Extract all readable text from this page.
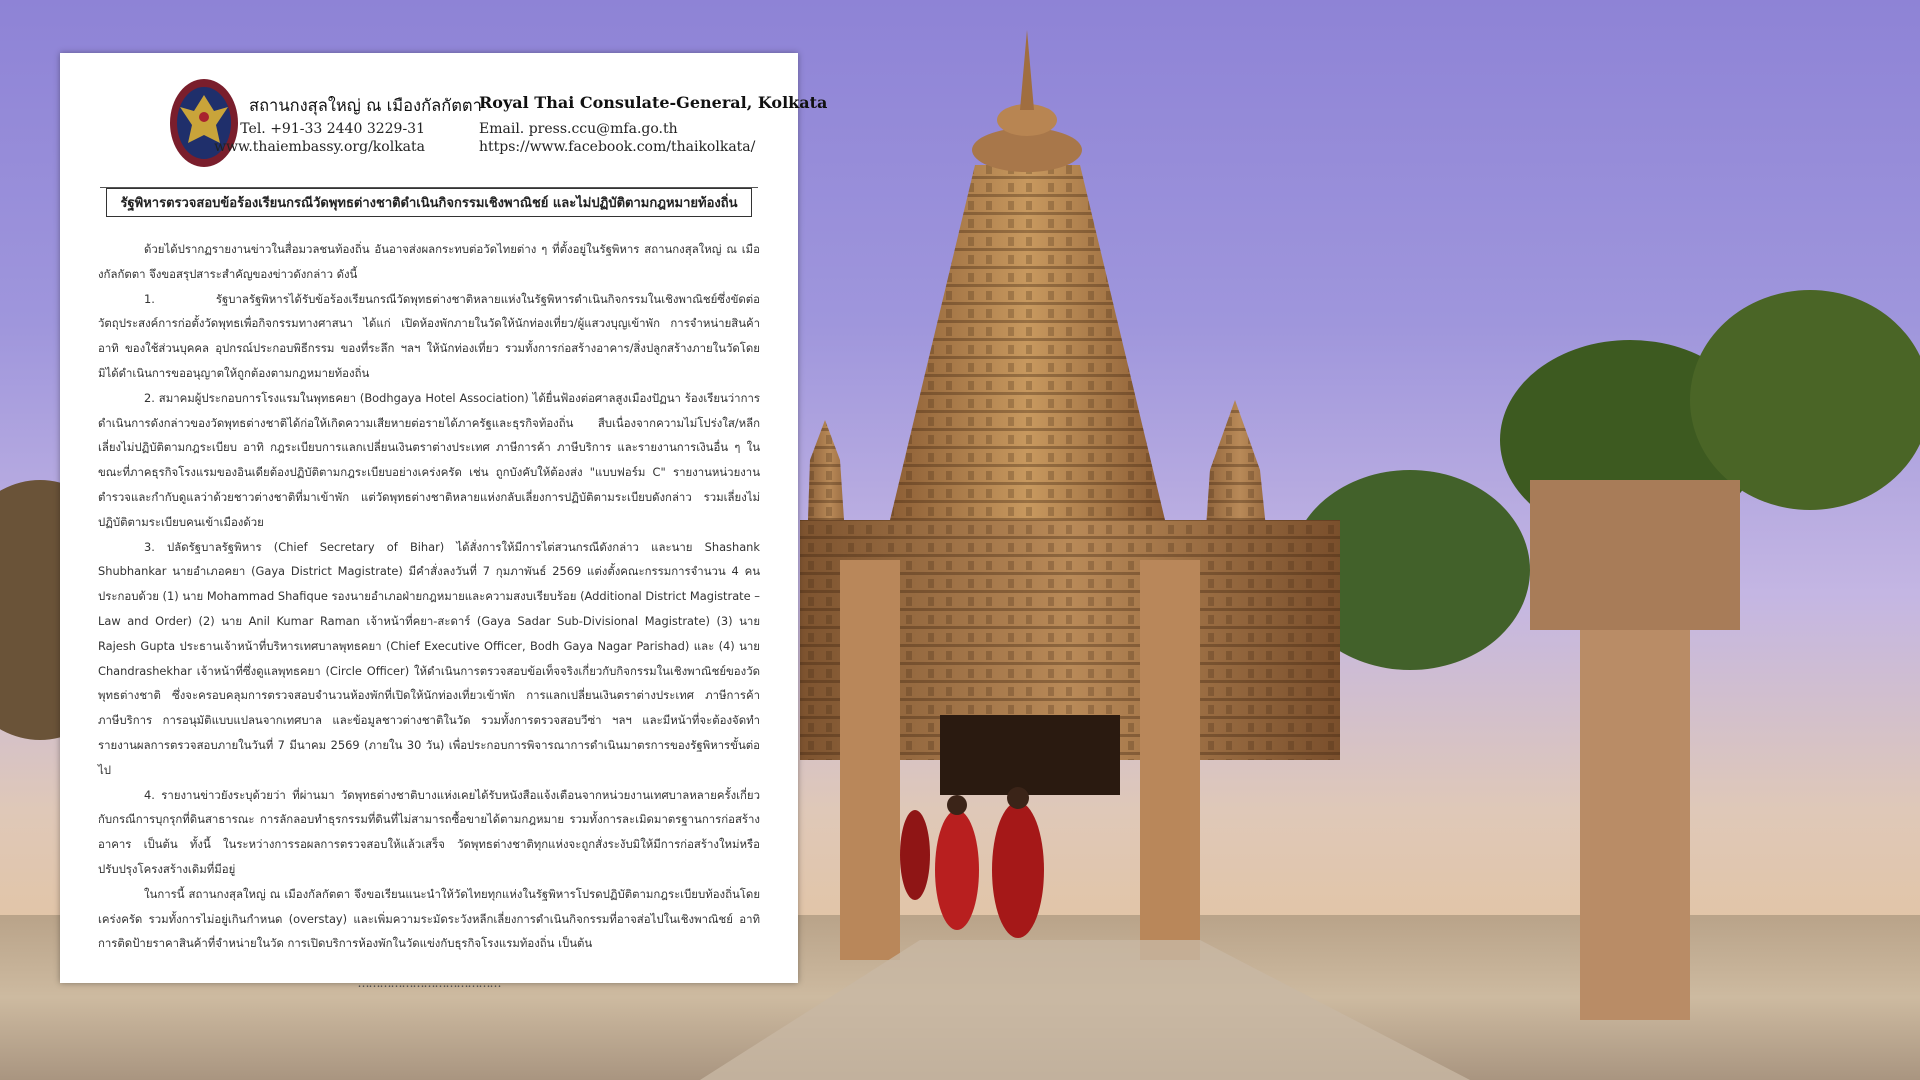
สถานกงสุลใหญ่ ณ เมืองกัลกัตตา
Royal Thai Consulate-General, Kolkata
Tel. +91-33 2440 3229-31
www.thaiembassy.org/kolkata
Email. press.ccu@mfa.go.th
https://www.facebook.com/thaikolkata/
รัฐพิหารตรวจสอบข้อร้องเรียนกรณีวัดพุทธต่างชาติดำเนินกิจกรรมเชิงพาณิชย์ และไม่ปฏิบัติตามกฎหมายท้องถิ่น

ด้วยได้ปรากฏรายงานข่าวในสื่อมวลชนท้องถิ่น อันอาจส่งผลกระทบต่อวัดไทยต่าง ๆ ที่ตั้งอยู่ในรัฐพิหาร สถานกงสุลใหญ่ ณ เมืองกัลกัตตา จึงขอสรุปสาระสำคัญของข่าวดังกล่าว ดังนี้

1. รัฐบาลรัฐพิหารได้รับข้อร้องเรียนกรณีวัดพุทธต่างชาติหลายแห่งในรัฐพิหารดำเนินกิจกรรมในเชิงพาณิชย์ซึ่งขัดต่อวัตถุประสงค์การก่อตั้งวัดพุทธเพื่อกิจกรรมทางศาสนา ได้แก่ เปิดห้องพักภายในวัดให้นักท่องเที่ยว/ผู้แสวงบุญเข้าพัก การจำหน่ายสินค้า อาทิ ของใช้ส่วนบุคคล อุปกรณ์ประกอบพิธีกรรม ของที่ระลึก ฯลฯ ให้นักท่องเที่ยว รวมทั้งการก่อสร้างอาคาร/สิ่งปลูกสร้างภายในวัดโดยมิได้ดำเนินการขออนุญาตให้ถูกต้องตามกฎหมายท้องถิ่น

2. สมาคมผู้ประกอบการโรงแรมในพุทธคยา (Bodhgaya Hotel Association) ได้ยื่นฟ้องต่อศาลสูงเมืองปัฏนา ร้องเรียนว่าการดำเนินการดังกล่าวของวัดพุทธต่างชาติได้ก่อให้เกิดความเสียหายต่อรายได้ภาครัฐและธุรกิจท้องถิ่น สืบเนื่องจากความไม่โปร่งใส/หลีกเลี่ยงไม่ปฏิบัติตามกฎระเบียบ อาทิ กฎระเบียบการแลกเปลี่ยนเงินตราต่างประเทศ ภาษีการค้า ภาษีบริการ และรายงานการเงินอื่น ๆ ในขณะที่ภาคธุรกิจโรงแรมของอินเดียต้องปฏิบัติตามกฎระเบียบอย่างเคร่งครัด เช่น ถูกบังคับให้ต้องส่ง "แบบฟอร์ม C" รายงานหน่วยงานตำรวจและกำกับดูแลว่าด้วยชาวต่างชาติที่มาเข้าพัก แต่วัดพุทธต่างชาติหลายแห่งกลับเลี่ยงการปฏิบัติตามระเบียบดังกล่าว รวมเลี่ยงไม่ปฏิบัติตามระเบียบคนเข้าเมืองด้วย

3. ปลัดรัฐบาลรัฐพิหาร (Chief Secretary of Bihar) ได้สั่งการให้มีการไต่สวนกรณีดังกล่าว และนาย Shashank Shubhankar นายอำเภอคยา (Gaya District Magistrate) มีคำสั่งลงวันที่ 7 กุมภาพันธ์ 2569 แต่งตั้งคณะกรรมการจำนวน 4 คน ประกอบด้วย (1) นาย Mohammad Shafique รองนายอำเภอฝ่ายกฎหมายและความสงบเรียบร้อย (Additional District Magistrate – Law and Order) (2) นาย Anil Kumar Raman เจ้าหน้าที่คยา-สะดาร์ (Gaya Sadar Sub-Divisional Magistrate) (3) นาย Rajesh Gupta ประธานเจ้าหน้าที่บริหารเทศบาลพุทธคยา (Chief Executive Officer, Bodh Gaya Nagar Parishad) และ (4) นาย Chandrashekhar เจ้าหน้าที่ซึ่งดูแลพุทธคยา (Circle Officer) ให้ดำเนินการตรวจสอบข้อเท็จจริงเกี่ยวกับกิจกรรมในเชิงพาณิชย์ของวัดพุทธต่างชาติ ซึ่งจะครอบคลุมการตรวจสอบจำนวนห้องพักที่เปิดให้นักท่องเที่ยวเข้าพัก การแลกเปลี่ยนเงินตราต่างประเทศ ภาษีการค้า ภาษีบริการ การอนุมัติแบบแปลนจากเทศบาล และข้อมูลชาวต่างชาติในวัด รวมทั้งการตรวจสอบวีซ่า ฯลฯ และมีหน้าที่จะต้องจัดทำรายงานผลการตรวจสอบภายในวันที่ 7 มีนาคม 2569 (ภายใน 30 วัน) เพื่อประกอบการพิจารณาการดำเนินมาตรการของรัฐพิหารขั้นต่อไป

4. รายงานข่าวยังระบุด้วยว่า ที่ผ่านมา วัดพุทธต่างชาติบางแห่งเคยได้รับหนังสือแจ้งเตือนจากหน่วยงานเทศบาลหลายครั้งเกี่ยวกับกรณีการบุกรุกที่ดินสาธารณะ การลักลอบทำธุรกรรมที่ดินที่ไม่สามารถซื้อขายได้ตามกฎหมาย รวมทั้งการละเมิดมาตรฐานการก่อสร้างอาคาร เป็นต้น ทั้งนี้ ในระหว่างการรอผลการตรวจสอบให้แล้วเสร็จ วัดพุทธต่างชาติทุกแห่งจะถูกสั่งระงับมิให้มีการก่อสร้างใหม่หรือปรับปรุงโครงสร้างเดิมที่มีอยู่

ในการนี้ สถานกงสุลใหญ่ ณ เมืองกัลกัตตา จึงขอเรียนแนะนำให้วัดไทยทุกแห่งในรัฐพิหารโปรดปฏิบัติตามกฎระเบียบท้องถิ่นโดยเคร่งครัด รวมทั้งการไม่อยู่เกินกำหนด (overstay) และเพิ่มความระมัดระวังหลีกเลี่ยงการดำเนินกิจกรรมที่อาจส่อไปในเชิงพาณิชย์ อาทิ การติดป้ายราคาสินค้าที่จำหน่ายในวัด การเปิดบริการห้องพักในวัดแข่งกับธุรกิจโรงแรมท้องถิ่น เป็นต้น

…………………………………
